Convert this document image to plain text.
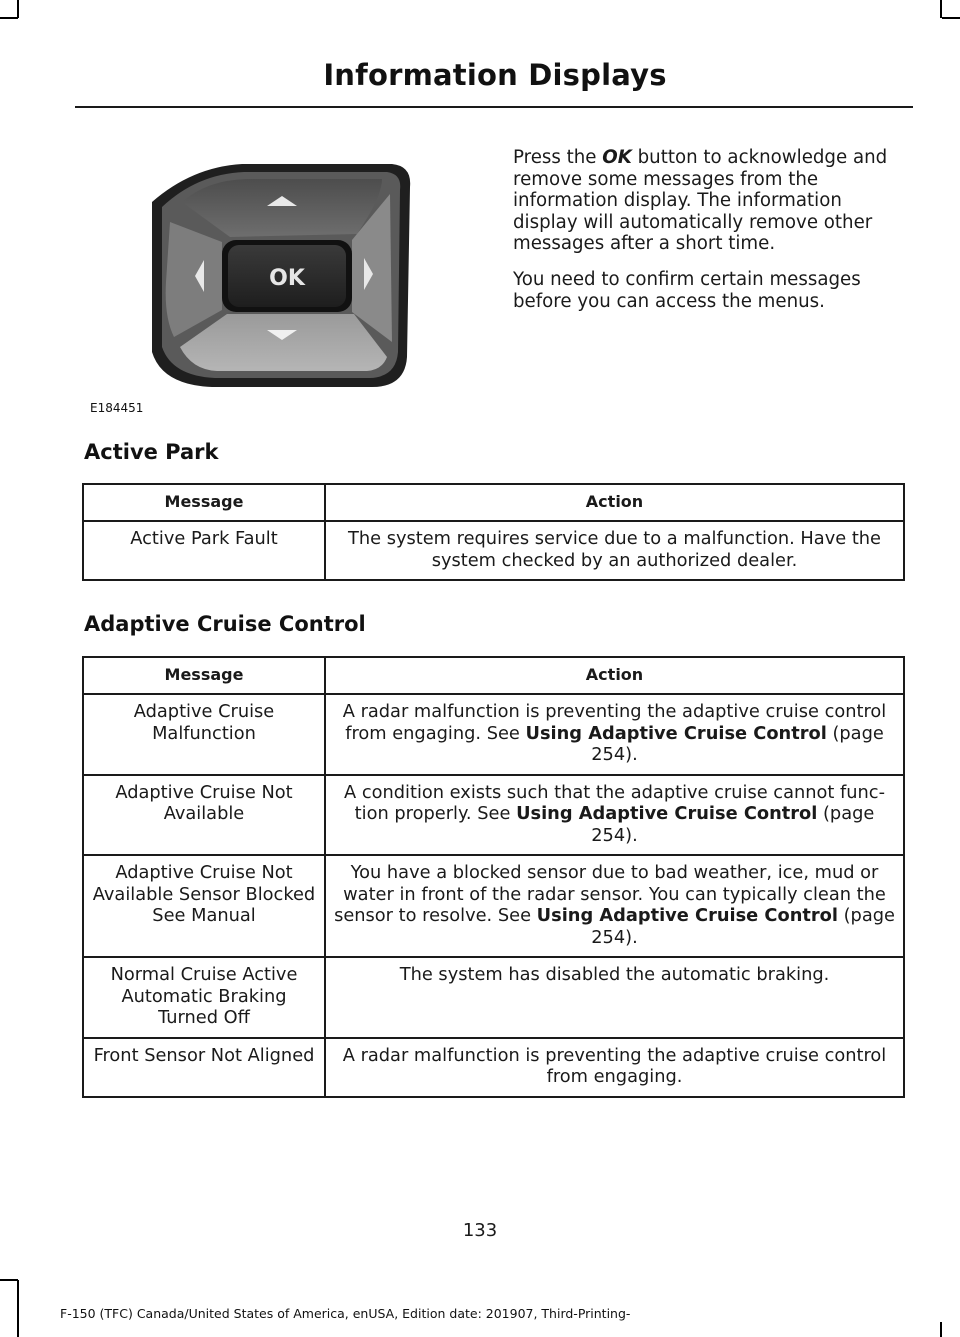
Information Displays
OK
E184451

Press the OK button to acknowledge and remove some messages from the information display. The information display will automatically remove other messages after a short time.

You need to confirm certain messages before you can access the menus.

Active Park
Message	Action
Active Park Fault	The system requires service due to a malfunction. Have the system checked by an authorized dealer.
Adaptive Cruise Control
Message	Action
Adaptive Cruise Malfunction	A radar malfunction is preventing the adaptive cruise control from engaging. See Using Adaptive Cruise Control (page 254).
Adaptive Cruise Not Available	A condition exists such that the adaptive cruise cannot func-tion properly. See Using Adaptive Cruise Control (page 254).
Adaptive Cruise Not Available Sensor Blocked See Manual	You have a blocked sensor due to bad weather, ice, mud or water in front of the radar sensor. You can typically clean the sensor to resolve. See Using Adaptive Cruise Control (page 254).
Normal Cruise Active Automatic Braking Turned Off	The system has disabled the automatic braking.
Front Sensor Not Aligned	A radar malfunction is preventing the adaptive cruise control from engaging.
133
F-150 (TFC) Canada/United States of America, enUSA, Edition date: 201907, Third-Printing-
